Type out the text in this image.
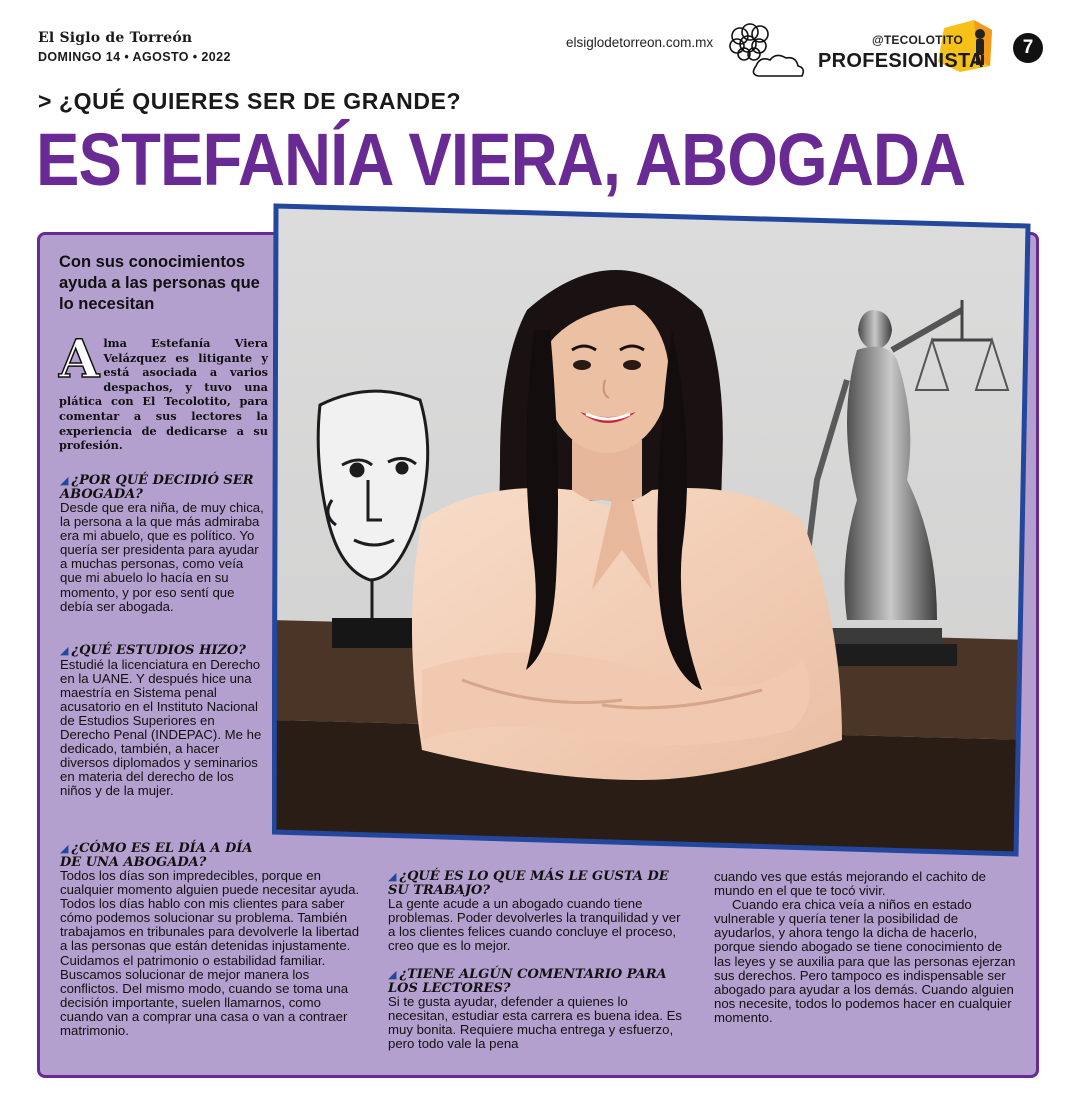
El Siglo de Torreón
DOMINGO 14 • AGOSTO • 2022
elsiglodetorreon.com.mx	@TECOLOTITO
PROFESIONISTA
7
> ¿QUÉ QUIERES SER DE GRANDE?
ESTEFANÍA VIERA, ABOGADA
Con sus conocimientos ayuda a las personas que lo necesitan
Alma Estefanía Viera Velázquez es litigante y está asociada a varios despachos, y tuvo una plática con El Tecolotito, para comentar a sus lectores la experiencia de dedicarse a su profesión.
◢ ¿POR QUÉ DECIDIÓ SER ABOGADA?
Desde que era niña, de muy chica, la persona a la que más admiraba era mi abuelo, que es político. Yo quería ser presidenta para ayudar a muchas personas, como veía que mi abuelo lo hacía en su momento, y por eso sentí que debía ser abogada.
◢ ¿QUÉ ESTUDIOS HIZO?
Estudié la licenciatura en Derecho en la UANE. Y después hice una maestría en Sistema penal acusatorio en el Instituto Nacional de Estudios Superiores en Derecho Penal (INDEPAC). Me he dedicado, también, a hacer diversos diplomados y seminarios en materia del derecho de los niños y de la mujer.
◢ ¿CÓMO ES EL DÍA A DÍA DE UNA ABOGADA?
Todos los días son impredecibles, porque en cualquier momento alguien puede necesitar ayuda. Todos los días hablo con mis clientes para saber cómo podemos solucionar su problema. También trabajamos en tribunales para devolverle la libertad a las personas que están detenidas injustamente. Cuidamos el patrimonio o estabilidad familiar. Buscamos solucionar de mejor manera los conflictos. Del mismo modo, cuando se toma una decisión importante, suelen llamarnos, como cuando van a comprar una casa o van a contraer matrimonio.
◢ ¿QUÉ ES LO QUE MÁS LE GUSTA DE SU TRABAJO?
La gente acude a un abogado cuando tiene problemas. Poder devolverles la tranquilidad y ver a los clientes felices cuando concluye el proceso, creo que es lo mejor.
◢ ¿TIENE ALGÚN COMENTARIO PARA LOS LECTORES?
Si te gusta ayudar, defender a quienes lo necesitan, estudiar esta carrera es buena idea. Es muy bonita. Requiere mucha entrega y esfuerzo, pero todo vale la pena
cuando ves que estás mejorando el cachito de mundo en el que te tocó vivir.
Cuando era chica veía a niños en estado vulnerable y quería tener la posibilidad de ayudarlos, y ahora tengo la dicha de hacerlo, porque siendo abogado se tiene conocimiento de las leyes y se auxilia para que las personas ejerzan sus derechos. Pero tampoco es indispensable ser abogado para ayudar a los demás. Cuando alguien nos necesite, todos lo podemos hacer en cualquier momento.
